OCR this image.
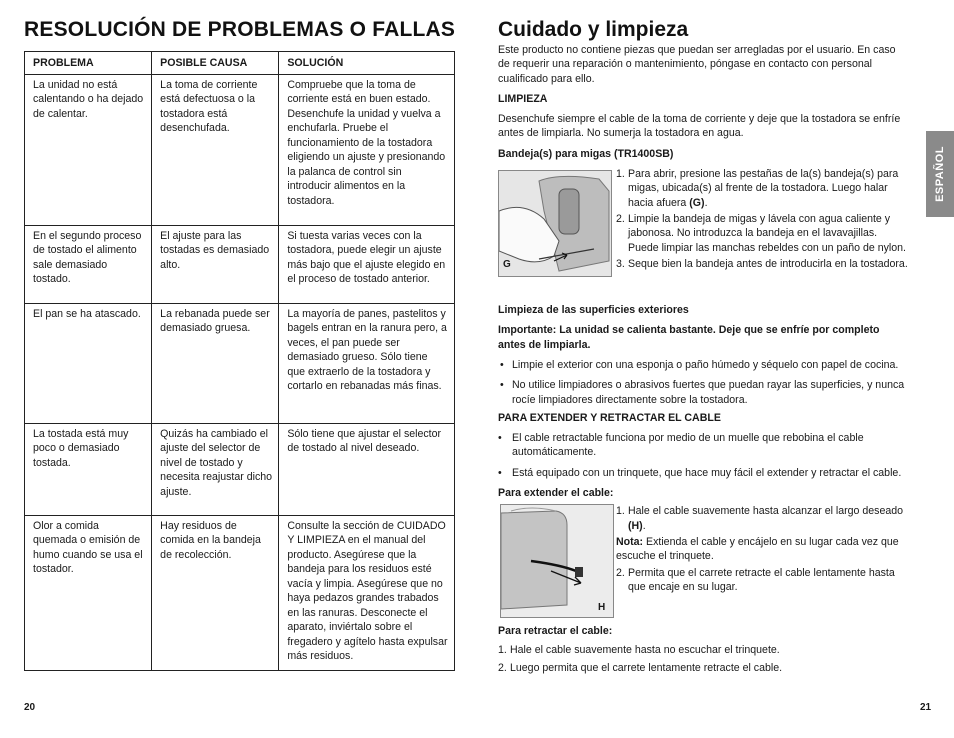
RESOLUCIÓN DE PROBLEMAS O FALLAS
PROBLEMA	POSIBLE CAUSA	SOLUCIÓN
La unidad no está calentando o ha dejado de calentar.	La toma de corriente está defectuosa o la tostadora está desenchufada.	Compruebe que la toma de corriente está en buen estado. Desenchufe la unidad y vuelva a enchufarla. Pruebe el funcionamiento de la tostadora eligiendo un ajuste y presionando la palanca de control sin introducir alimentos en la tostadora.
En el segundo proceso de tostado el alimento sale demasiado tostado.	El ajuste para las tostadas es demasiado alto.	Si tuesta varias veces con la tostadora, puede elegir un ajuste más bajo que el ajuste elegido en el proceso de tostado anterior.
El pan se ha atascado.	La rebanada puede ser demasiado gruesa.	La mayoría de panes, pastelitos y bagels entran en la ranura pero, a veces, el pan puede ser demasiado grueso. Sólo tiene que extraerlo de la tostadora y cortarlo en rebanadas más finas.
La tostada está muy poco o demasiado tostada.	Quizás ha cambiado el ajuste del selector de nivel de tostado y necesita reajustar dicho ajuste.	Sólo tiene que ajustar el selector de tostado al nivel deseado.
Olor a comida quemada o emisión de humo cuando se usa el tostador.	Hay residuos de comida en la bandeja de recolección.	Consulte la sección de CUIDADO Y LIMPIEZA en el manual del producto. Asegúrese que la bandeja para los residuos esté vacía y limpia. Asegúrese que no haya pedazos grandes trabados en las ranuras. Desconecte el aparato, inviértalo sobre el fregadero y agítelo hasta expulsar más residuos.
20
Cuidado y limpieza

Este producto no contiene piezas que puedan ser arregladas por el usuario. En caso de requerir una reparación o mantenimiento, póngase en contacto con personal cualificado para ello.

LIMPIEZA

Desenchufe siempre el cable de la toma de corriente y deje que la tostadora se enfríe antes de limpiarla. No sumerja la tostadora en agua.

Bandeja(s) para migas (TR1400SB)

G
1. Para abrir, presione las pestañas de la(s) bandeja(s) para migas, ubicada(s) al frente de la tostadora. Luego halar hacia afuera (G).
2. Limpie la bandeja de migas y lávela con agua caliente y jabonosa. No introduzca la bandeja en el lavavajillas. Puede limpiar las manchas rebeldes con un paño de nylon.
3. Seque bien la bandeja antes de introducirla en la tostadora.

Limpieza de las superficies exteriores

Importante: La unidad se calienta bastante. Deje que se enfríe por completo antes de limpiarla.

• Limpie el exterior con una esponja o paño húmedo y séquelo con papel de cocina.
• No utilice limpiadores o abrasivos fuertes que puedan rayar las superficies, y nunca rocíe limpiadores directamente sobre la tostadora.

PARA EXTENDER Y RETRACTAR EL CABLE

• El cable retractable funciona por medio de un muelle que rebobina el cable automáticamente.
• Está equipado con un trinquete, que hace muy fácil el extender y retractar el cable.

Para extender el cable:

H
1. Hale el cable suavemente hasta alcanzar el largo deseado (H).
Nota: Extienda el cable y encájelo en su lugar cada vez que escuche el trinquete.
2. Permita que el carrete retracte el cable lentamente hasta que encaje en su lugar.

Para retractar el cable:

1. Hale el cable suavemente hasta no escuchar el trinquete.
2. Luego permita que el carrete lentamente retracte el cable.
ESPAÑOL
21
